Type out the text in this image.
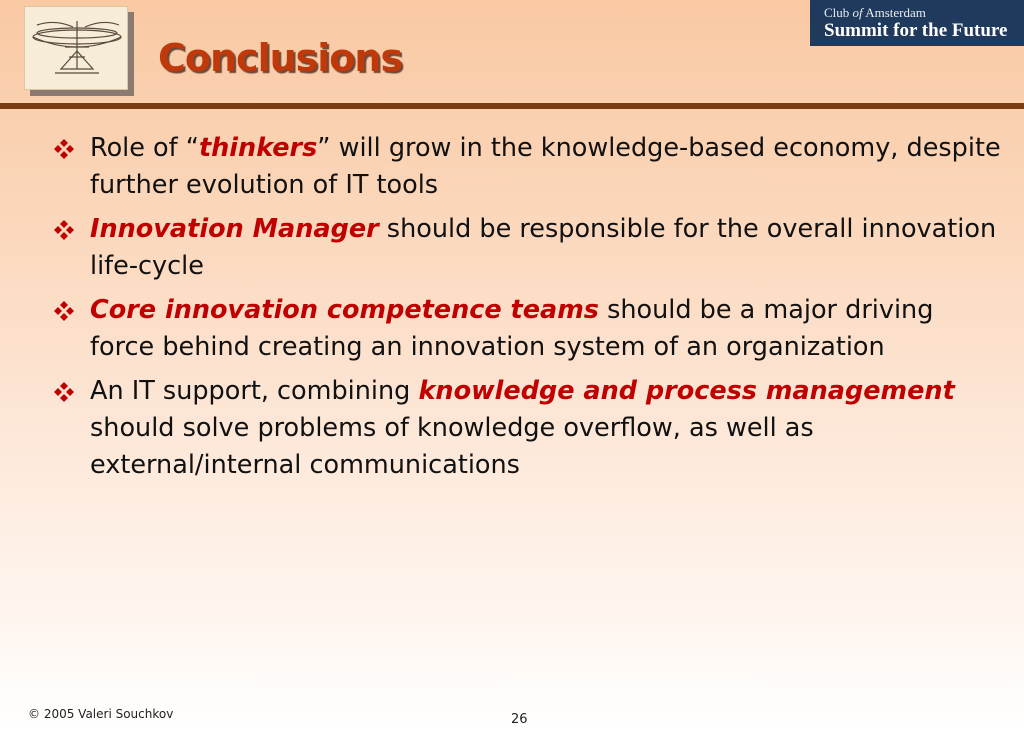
Conclusions
Club of Amsterdam
Summit for the Future
Role of “thinkers” will grow in the knowledge-based economy, despite further evolution of IT tools
Innovation Manager should be responsible for the overall innovation life-cycle
Core innovation competence teams should be a major driving force behind creating an innovation system of an organization
An IT support, combining knowledge and process management should solve problems of knowledge overflow, as well as external/internal communications
© 2005 Valeri Souchkov	26
